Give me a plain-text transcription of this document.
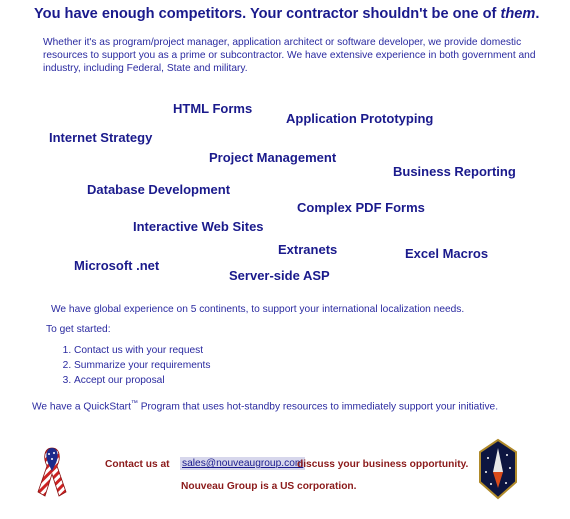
You have enough competitors. Your contractor shouldn't be one of them.
Whether it's as program/project manager, application architect or software developer, we provide domestic resources to support you as a prime or subcontractor. We have extensive experience in both government and industry, including Federal, State and military.
HTML Forms
Application Prototyping
Internet Strategy
Project Management
Business Reporting
Database Development
Complex PDF Forms
Interactive Web Sites
Extranets	Excel Macros
Microsoft .net
Server-side ASP
We have global experience on 5 continents, to support your international localization needs.
To get started:
1. Contact us with your request
2. Summarize your requirements
3. Accept our proposal
We have a QuickStart™ Program that uses hot-standby resources to immediately support your initiative.
Contact us at sales@nouveaugroup.com
discuss your business opportunity.
Nouveau Group is a US corporation.
